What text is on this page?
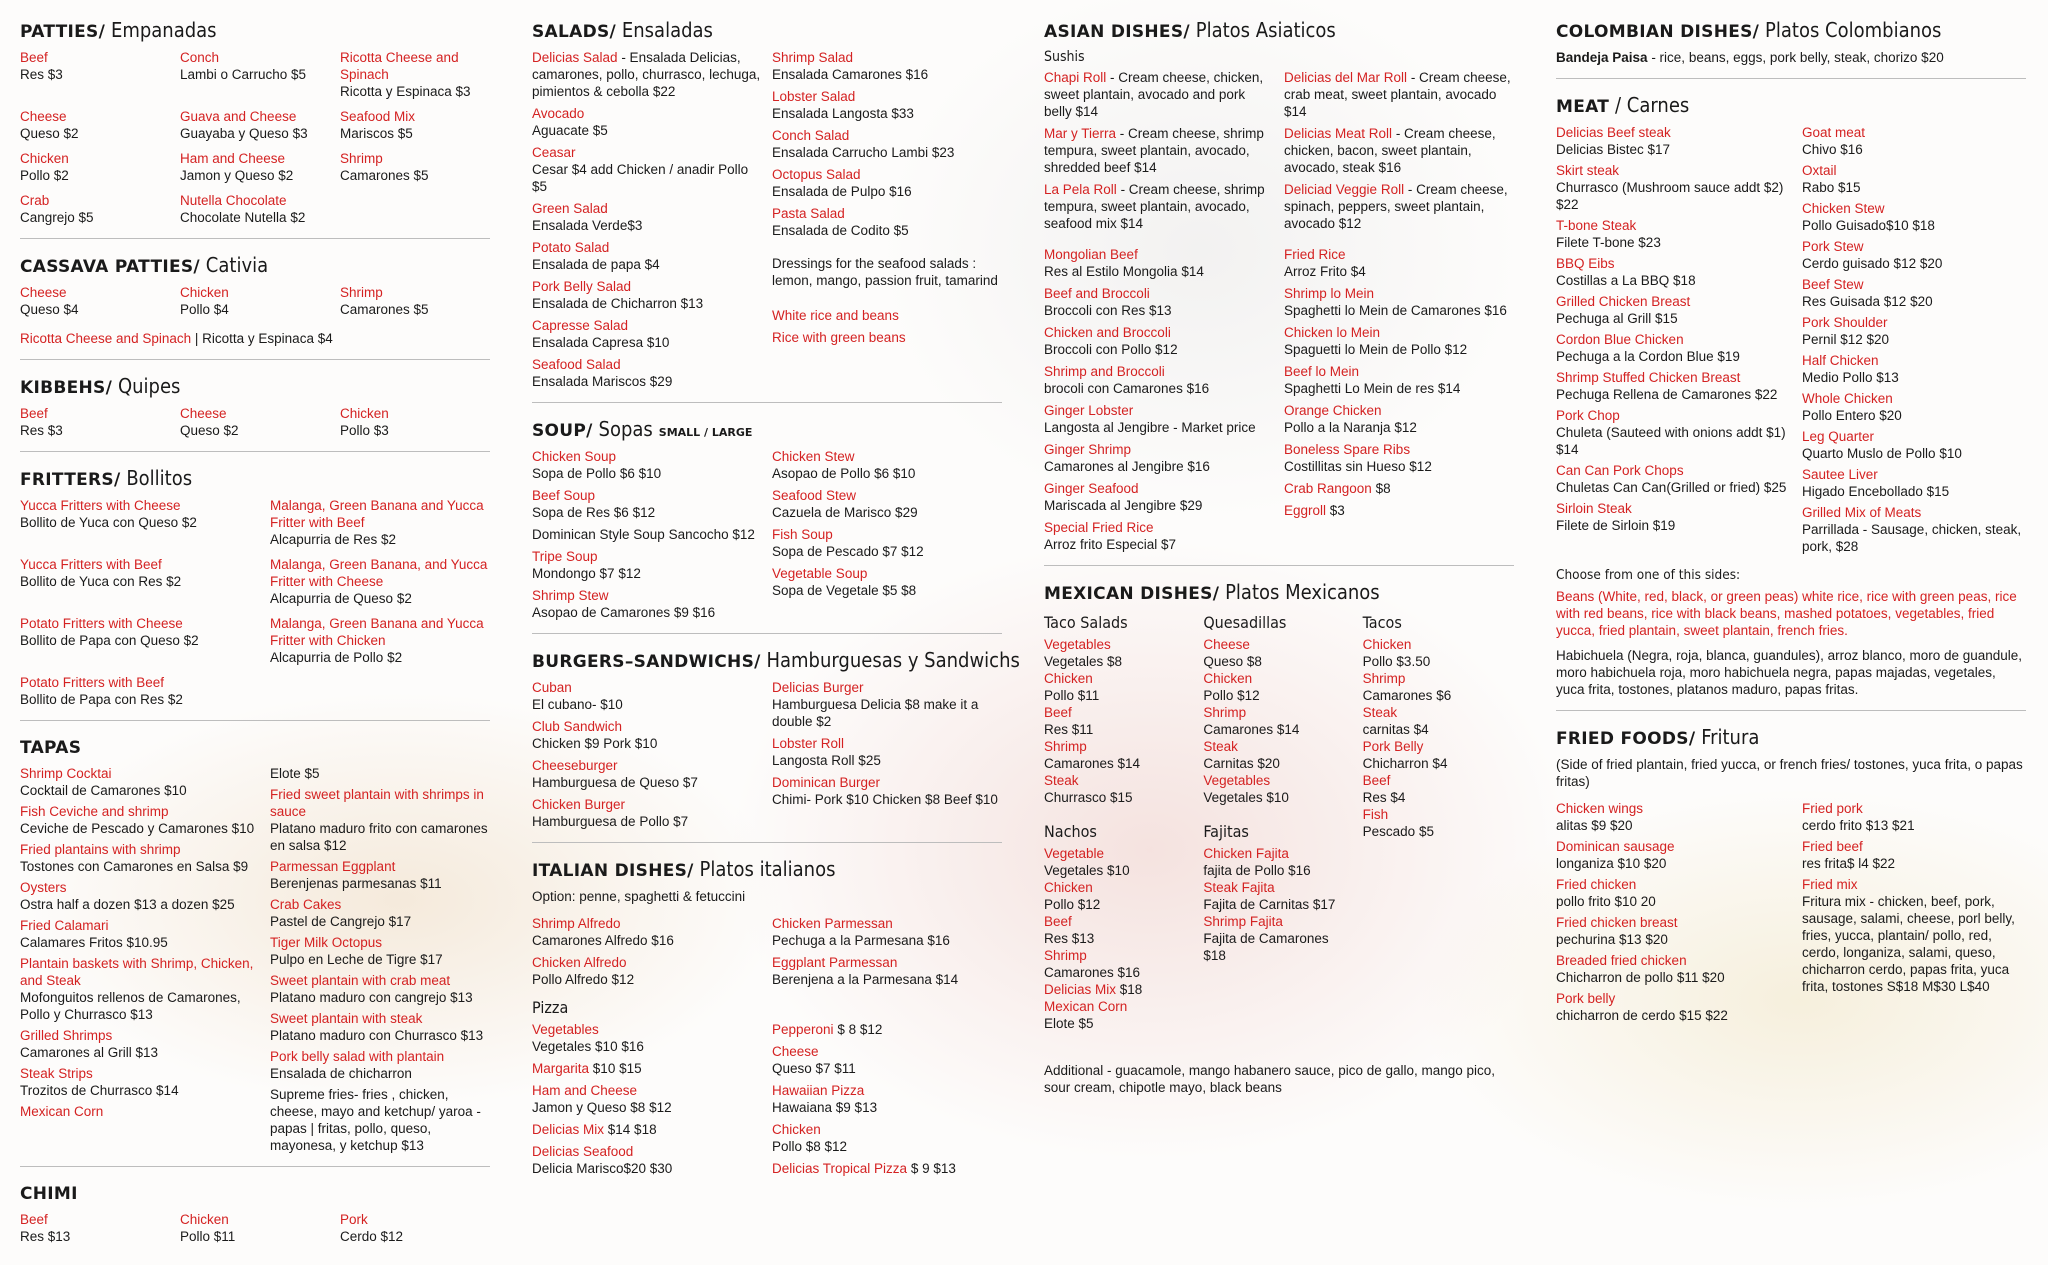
PATTIES/ Empanadas
Beef
Res $3
Conch
Lambi o Carrucho $5
Ricotta Cheese and Spinach
Ricotta y Espinaca $3
Cheese
Queso $2
Guava and Cheese
Guayaba y Queso $3
Seafood Mix
Mariscos $5
Chicken
Pollo $2
Ham and Cheese
Jamon y Queso $2
Shrimp
Camarones $5
Crab
Cangrejo $5
Nutella Chocolate
Chocolate Nutella $2
CASSAVA PATTIES/ Cativia
Cheese
Queso $4
Chicken
Pollo $4
Shrimp
Camarones $5
Ricotta Cheese and Spinach | Ricotta y Espinaca $4
KIBBEHS/ Quipes
Beef
Res $3
Cheese
Queso $2
Chicken
Pollo $3
FRITTERS/ Bollitos
Yucca Fritters with Cheese
Bollito de Yuca con Queso $2
Malanga, Green Banana and Yucca Fritter with Beef
Alcapurria de Res $2
Yucca Fritters with Beef
Bollito de Yuca con Res $2
Malanga, Green Banana, and Yucca Fritter with Cheese
Alcapurria de Queso $2
Potato Fritters with Cheese
Bollito de Papa con Queso $2
Malanga, Green Banana and Yucca Fritter with Chicken
Alcapurria de Pollo $2
Potato Fritters with Beef
Bollito de Papa con Res $2
TAPAS
Shrimp Cocktai
Cocktail de Camarones $10
Fish Ceviche and shrimp
Ceviche de Pescado y Camarones $10
Fried plantains with shrimp
Tostones con Camarones en Salsa $9
Oysters
Ostra half a dozen $13 a dozen $25
Fried Calamari
Calamares Fritos $10.95
Plantain baskets with Shrimp, Chicken, and Steak
Mofonguitos rellenos de Camarones, Pollo y Churrasco $13
Grilled Shrimps
Camarones al Grill $13
Steak Strips
Trozitos de Churrasco $14
Mexican Corn
Elote $5
Fried sweet plantain with shrimps in sauce
Platano maduro frito con camarones en salsa $12
Parmessan Eggplant
Berenjenas parmesanas $11
Crab Cakes
Pastel de Cangrejo $17
Tiger Milk Octopus
Pulpo en Leche de Tigre $17
Sweet plantain with crab meat
Platano maduro con cangrejo $13
Sweet plantain with steak
Platano maduro con Churrasco $13
Pork belly salad with plantain
Ensalada de chicharron
Supreme fries- fries , chicken, cheese, mayo and ketchup/ yaroa - papas | fritas, pollo, queso, mayonesa, y ketchup $13
CHIMI
Beef
Res $13
Chicken
Pollo $11
Pork
Cerdo $12
SALADS/ Ensaladas
Delicias Salad - Ensalada Delicias, camarones, pollo, churrasco, lechuga, pimientos & cebolla $22
Avocado
Aguacate $5
Ceasar
Cesar $4 add Chicken / anadir Pollo $5
Green Salad
Ensalada Verde$3
Potato Salad
Ensalada de papa $4
Pork Belly Salad
Ensalada de Chicharron $13
Capresse Salad
Ensalada Capresa $10
Seafood Salad
Ensalada Mariscos $29
Shrimp Salad
Ensalada Camarones $16
Lobster Salad
Ensalada Langosta $33
Conch Salad
Ensalada Carrucho Lambi $23
Octopus Salad
Ensalada de Pulpo $16
Pasta Salad
Ensalada de Codito $5
Dressings for the seafood salads : lemon, mango, passion fruit, tamarind
White rice and beans
Rice with green beans
SOUP/ Sopas SMALL / LARGE
Chicken Soup
Sopa de Pollo $6 $10
Beef Soup
Sopa de Res $6 $12
Dominican Style Soup Sancocho $12
Tripe Soup
Mondongo $7 $12
Shrimp Stew
Asopao de Camarones $9 $16
Chicken Stew
Asopao de Pollo $6 $10
Seafood Stew
Cazuela de Marisco $29
Fish Soup
Sopa de Pescado $7 $12
Vegetable Soup
Sopa de Vegetale $5 $8
BURGERS–SANDWICHS/ Hamburguesas y Sandwichs
Cuban
El cubano- $10
Club Sandwich
Chicken $9 Pork $10
Cheeseburger
Hamburguesa de Queso $7
Chicken Burger
Hamburguesa de Pollo $7
Delicias Burger
Hamburguesa Delicia $8 make it a double $2
Lobster Roll
Langosta Roll $25
Dominican Burger
Chimi- Pork $10 Chicken $8 Beef $10
ITALIAN DISHES/ Platos italianos
Option: penne, spaghetti & fetuccini
Shrimp Alfredo
Camarones Alfredo $16
Chicken Alfredo
Pollo Alfredo $12
Chicken Parmessan
Pechuga a la Parmesana $16
Eggplant Parmessan
Berenjena a la Parmesana $14
Pizza
Vegetables
Vegetales $10 $16
Margarita $10 $15
Ham and Cheese
Jamon y Queso $8 $12
Delicias Mix $14 $18
Delicias Seafood
Delicia Marisco$20 $30
Pepperoni $ 8 $12
Cheese
Queso $7 $11
Hawaiian Pizza
Hawaiana $9 $13
Chicken
Pollo $8 $12
Delicias Tropical Pizza $ 9 $13
ASIAN DISHES/ Platos Asiaticos
Sushis
Chapi Roll - Cream cheese, chicken, sweet plantain, avocado and pork belly $14
Mar y Tierra - Cream cheese, shrimp tempura, sweet plantain, avocado, shredded beef $14
La Pela Roll - Cream cheese, shrimp tempura, sweet plantain, avocado, seafood mix $14
Delicias del Mar Roll - Cream cheese, crab meat, sweet plantain, avocado $14
Delicias Meat Roll - Cream cheese, chicken, bacon, sweet plantain, avocado, steak $16
Deliciad Veggie Roll - Cream cheese, spinach, peppers, sweet plantain, avocado $12
Mongolian Beef
Res al Estilo Mongolia $14
Beef and Broccoli
Broccoli con Res $13
Chicken and Broccoli
Broccoli con Pollo $12
Shrimp and Broccoli
brocoli con Camarones $16
Ginger Lobster
Langosta al Jengibre - Market price
Ginger Shrimp
Camarones al Jengibre $16
Ginger Seafood
Mariscada al Jengibre $29
Special Fried Rice
Arroz frito Especial $7
Fried Rice
Arroz Frito $4
Shrimp lo Mein
Spaghetti lo Mein de Camarones $16
Chicken lo Mein
Spaguetti lo Mein de Pollo $12
Beef lo Mein
Spaghetti Lo Mein de res $14
Orange Chicken
Pollo a la Naranja $12
Boneless Spare Ribs
Costillitas sin Hueso $12
Crab Rangoon $8
Eggroll $3
MEXICAN DISHES/ Platos Mexicanos
Taco Salads
Vegetables
Vegetales $8
Chicken
Pollo $11
Beef
Res $11
Shrimp
Camarones $14
Steak
Churrasco $15
Nachos
Vegetable
Vegetales $10
Chicken
Pollo $12
Beef
Res $13
Shrimp
Camarones $16
Delicias Mix $18
Mexican Corn
Elote $5
Quesadillas
Cheese
Queso $8
Chicken
Pollo $12
Shrimp
Camarones $14
Steak
Carnitas $20
Vegetables
Vegetales $10
Fajitas
Chicken Fajita
fajita de Pollo $16
Steak Fajita
Fajita de Carnitas $17
Shrimp Fajita
Fajita de Camarones $18
Tacos
Chicken
Pollo $3.50
Shrimp
Camarones $6
Steak
carnitas $4
Pork Belly
Chicharron $4
Beef
Res $4
Fish
Pescado $5
Additional - guacamole, mango habanero sauce, pico de gallo, mango pico, sour cream, chipotle mayo, black beans
COLOMBIAN DISHES/ Platos Colombianos
Bandeja Paisa - rice, beans, eggs, pork belly, steak, chorizo $20
MEAT / Carnes
Delicias Beef steak
Delicias Bistec $17
Skirt steak
Churrasco (Mushroom sauce addt $2) $22
T-bone Steak
Filete T-bone $23
BBQ Eibs
Costillas a La BBQ $18
Grilled Chicken Breast
Pechuga al Grill $15
Cordon Blue Chicken
Pechuga a la Cordon Blue $19
Shrimp Stuffed Chicken Breast
Pechuga Rellena de Camarones $22
Pork Chop
Chuleta (Sauteed with onions addt $1) $14
Can Can Pork Chops
Chuletas Can Can(Grilled or fried) $25
Sirloin Steak
Filete de Sirloin $19
Goat meat
Chivo $16
Oxtail
Rabo $15
Chicken Stew
Pollo Guisado$10 $18
Pork Stew
Cerdo guisado $12 $20
Beef Stew
Res Guisada $12 $20
Pork Shoulder
Pernil $12 $20
Half Chicken
Medio Pollo $13
Whole Chicken
Pollo Entero $20
Leg Quarter
Quarto Muslo de Pollo $10
Sautee Liver
Higado Encebollado $15
Grilled Mix of Meats
Parrillada - Sausage, chicken, steak, pork, $28
Choose from one of this sides:
Beans (White, red, black, or green peas) white rice, rice with green peas, rice with red beans, rice with black beans, mashed potatoes, vegetables, fried yucca, fried plantain, sweet plantain, french fries.
Habichuela (Negra, roja, blanca, guandules), arroz blanco, moro de guandule, moro habichuela roja, moro habichuela negra, papas majadas, vegetales, yuca frita, tostones, platanos maduro, papas fritas.
FRIED FOODS/ Fritura
(Side of fried plantain, fried yucca, or french fries/ tostones, yuca frita, o papas fritas)
Chicken wings
alitas $9 $20
Dominican sausage
longaniza $10 $20
Fried chicken
pollo frito $10 20
Fried chicken breast
pechurina $13 $20
Breaded fried chicken
Chicharron de pollo $11 $20
Pork belly
chicharron de cerdo $15 $22
Fried pork
cerdo frito $13 $21
Fried beef
res frita$ l4 $22
Fried mix
Fritura mix - chicken, beef, pork, sausage, salami, cheese, porl belly, fries, yucca, plantain/ pollo, red, cerdo, longaniza, salami, queso, chicharron cerdo, papas frita, yuca frita, tostones S$18 M$30 L$40
